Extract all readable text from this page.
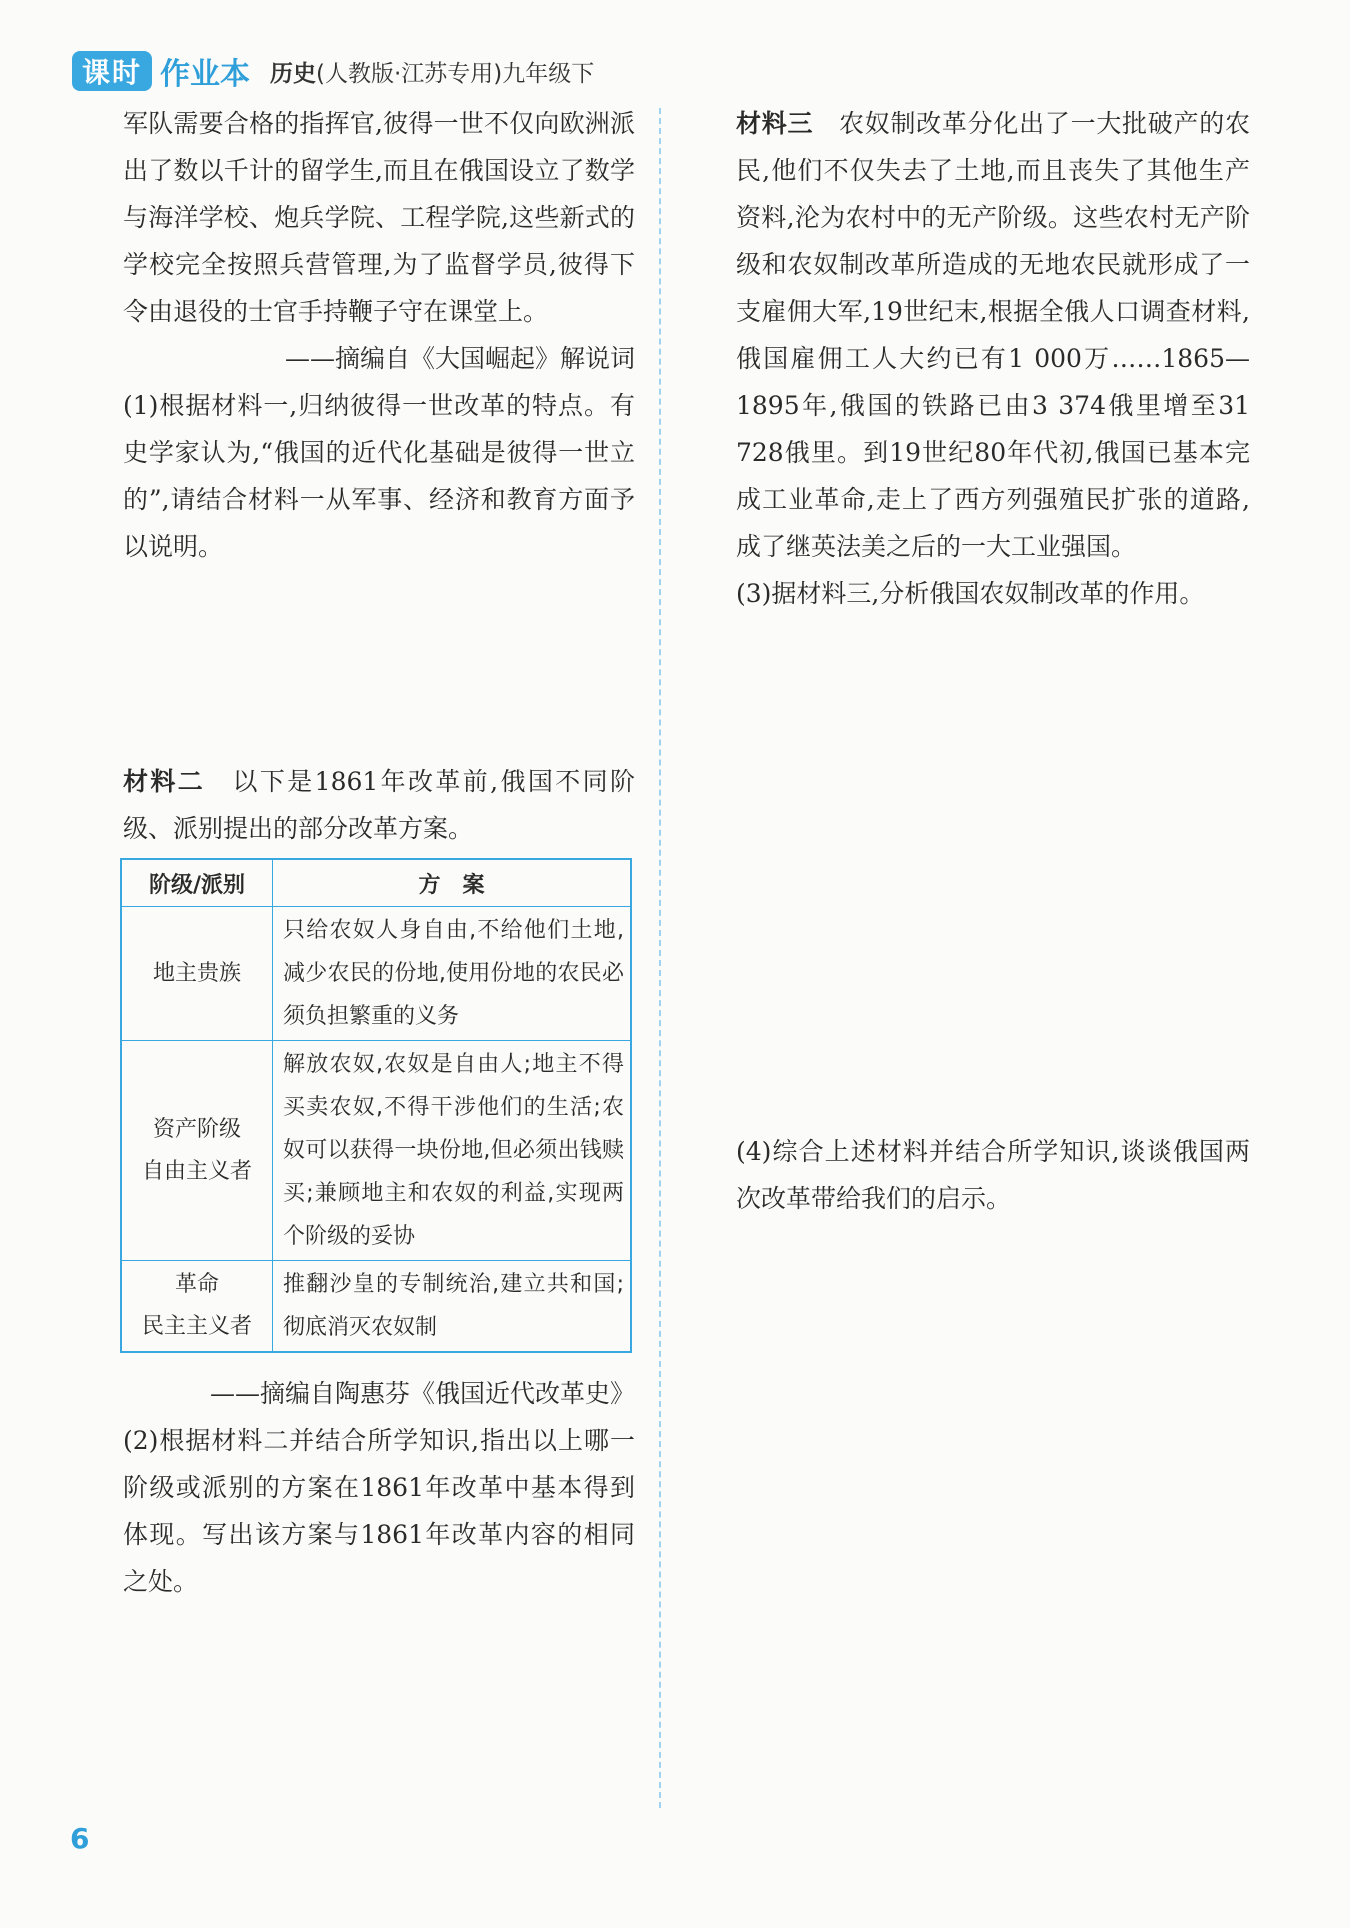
课时 作业本 历史(人教版·江苏专用)九年级下

军队需要合格的指挥官,彼得一世不仅向欧洲派出了数以千计的留学生,而且在俄国设立了数学与海洋学校、炮兵学院、工程学院,这些新式的学校完全按照兵营管理,为了监督学员,彼得下令由退役的士官手持鞭子守在课堂上。

——摘编自《大国崛起》解说词

(1)根据材料一,归纳彼得一世改革的特点。有史学家认为,“俄国的近代化基础是彼得一世立的”,请结合材料一从军事、经济和教育方面予以说明。

材料二　 以下是1861年改革前,俄国不同阶级、派别提出的部分改革方案。

阶级/派别	方　案
地主贵族	只给农奴人身自由,不给他们土地,减少农民的份地,使用份地的农民必须负担繁重的义务
资产阶级
自由主义者	解放农奴,农奴是自由人;地主不得买卖农奴,不得干涉他们的生活;农奴可以获得一块份地,但必须出钱赎买;兼顾地主和农奴的利益,实现两个阶级的妥协
革命
民主主义者	推翻沙皇的专制统治,建立共和国;彻底消灭农奴制

——摘编自陶惠芬《俄国近代改革史》

(2)根据材料二并结合所学知识,指出以上哪一阶级或派别的方案在1861年改革中基本得到体现。写出该方案与1861年改革内容的相同之处。

材料三　 农奴制改革分化出了一大批破产的农民,他们不仅失去了土地,而且丧失了其他生产资料,沦为农村中的无产阶级。这些农村无产阶级和农奴制改革所造成的无地农民就形成了一支雇佣大军,19世纪末,根据全俄人口调查材料,俄国雇佣工人大约已有1 000万……1865—1895年,俄国的铁路已由3 374俄里增至31 728俄里。到19世纪80年代初,俄国已基本完成工业革命,走上了西方列强殖民扩张的道路,成了继英法美之后的一大工业强国。

(3)据材料三,分析俄国农奴制改革的作用。

(4)综合上述材料并结合所学知识,谈谈俄国两次改革带给我们的启示。

6
